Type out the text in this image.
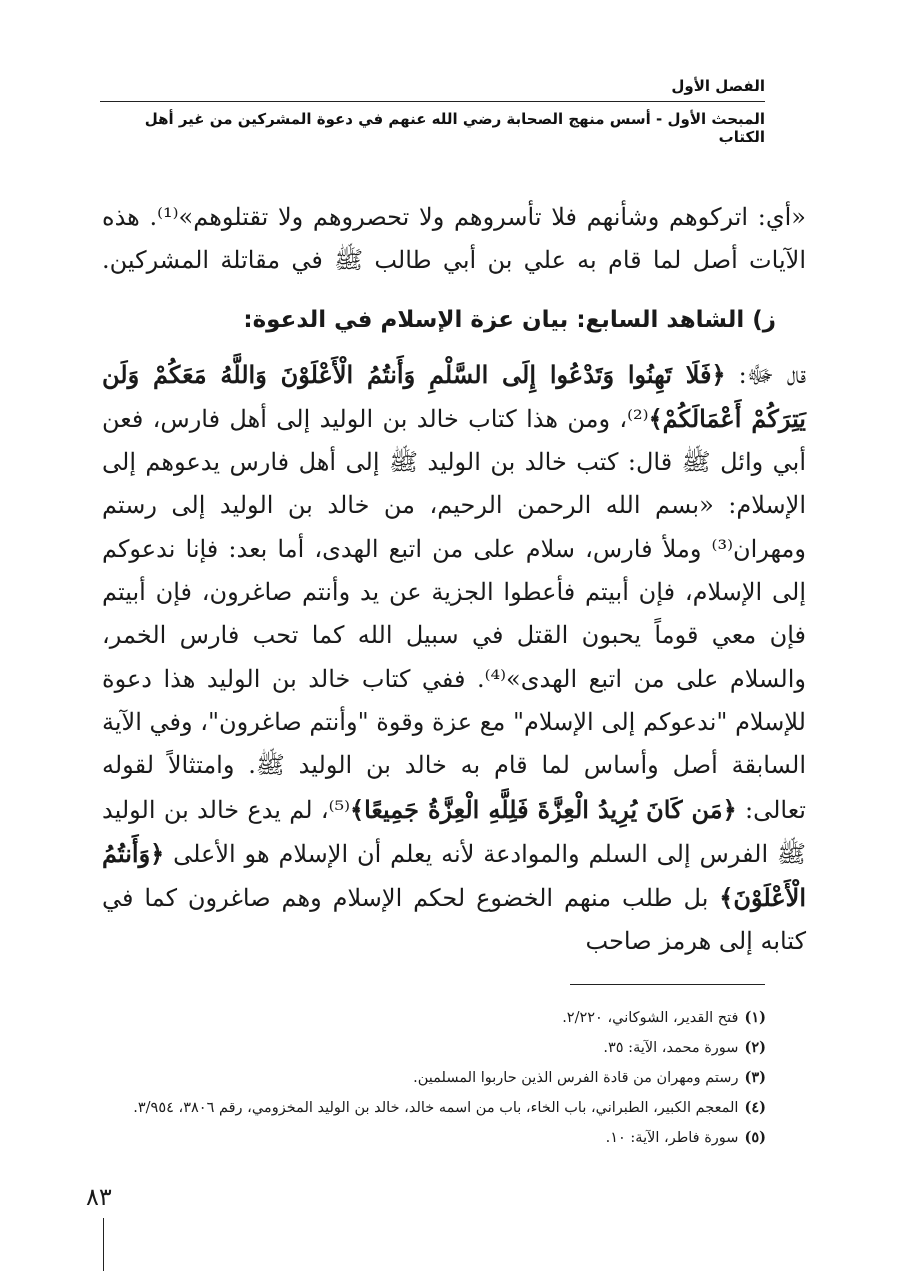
الفصل الأول
المبحث الأول - أسس منهج الصحابة رضي الله عنهم في دعوة المشركين من غير أهل الكتاب

«أي: اتركوهم وشأنهم فلا تأسروهم ولا تحصروهم ولا تقتلوهم»⁽¹⁾. هذه الآيات أصل لما قام به علي بن أبي طالب ﷺ في مقاتلة المشركين.

ز) الشاهد السابع: بيان عزة الإسلام في الدعوة:

قال ﷻ: ﴿فَلَا تَهِنُوا وَتَدْعُوا إِلَى السَّلْمِ وَأَنتُمُ الْأَعْلَوْنَ وَاللَّهُ مَعَكُمْ وَلَن يَتِرَكُمْ أَعْمَالَكُمْ﴾⁽²⁾، ومن هذا كتاب خالد بن الوليد إلى أهل فارس، فعن أبي وائل ﷺ قال: كتب خالد بن الوليد ﷺ إلى أهل فارس يدعوهم إلى الإسلام: «بسم الله الرحمن الرحيم، من خالد بن الوليد إلى رستم ومهران⁽³⁾ وملأ فارس، سلام على من اتبع الهدى، أما بعد: فإنا ندعوكم إلى الإسلام، فإن أبيتم فأعطوا الجزية عن يد وأنتم صاغرون، فإن أبيتم فإن معي قوماً يحبون القتل في سبيل الله كما تحب فارس الخمر، والسلام على من اتبع الهدى»⁽⁴⁾. ففي كتاب خالد بن الوليد هذا دعوة للإسلام "ندعوكم إلى الإسلام" مع عزة وقوة "وأنتم صاغرون"، وفي الآية السابقة أصل وأساس لما قام به خالد بن الوليد ﷺ. وامتثالاً لقوله تعالى: ﴿مَن كَانَ يُرِيدُ الْعِزَّةَ فَلِلَّهِ الْعِزَّةُ جَمِيعًا﴾⁽⁵⁾، لم يدع خالد بن الوليد ﷺ الفرس إلى السلم والموادعة لأنه يعلم أن الإسلام هو الأعلى ﴿وَأَنتُمُ الْأَعْلَوْنَ﴾ بل طلب منهم الخضوع لحكم الإسلام وهم صاغرون كما في كتابه إلى هرمز صاحب

(١)فتح القدير، الشوكاني، ٢/٢٢٠.
(٢)سورة محمد، الآية: ٣٥.
(٣)رستم ومهران من قادة الفرس الذين حاربوا المسلمين.
(٤)المعجم الكبير، الطبراني، باب الخاء، باب من اسمه خالد، خالد بن الوليد المخزومي، رقم ٣٨٠٦، ٣/٩٥٤.
(٥)سورة فاطر، الآية: ١٠.
٨٣
